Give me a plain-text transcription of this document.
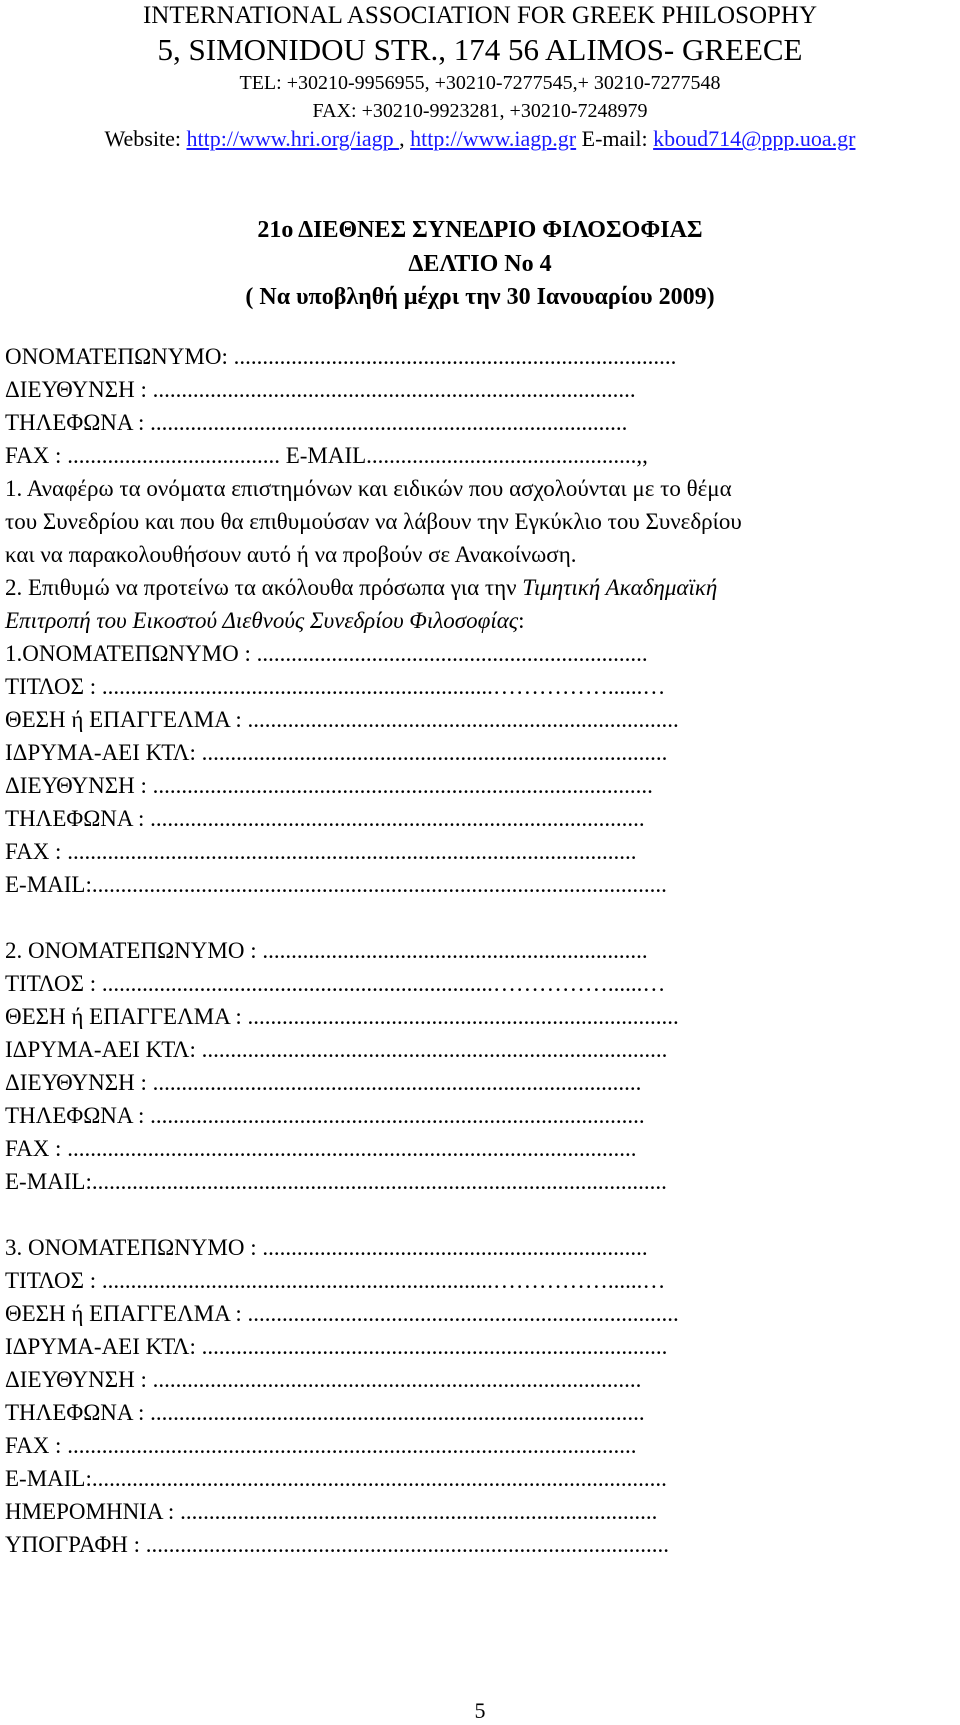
INTERNATIONAL ASSOCIATION FOR GREEK PHILOSOPHY
5, SIMONIDOU STR., 174 56 ALIMOS- GREECE
TEL: +30210-9956955, +30210-7277545,+ 30210-7277548
FAX: +30210-9923281, +30210-7248979
Website: http://www.hri.org/iagp , http://www.iagp.gr E-mail: kboud714@ppp.uoa.gr
21ο ΔΙΕΘΝΕΣ ΣΥΝΕΔΡΙΟ ΦΙΛΟΣΟΦΙΑΣ
ΔΕΛΤΙΟ Νο 4
( Να υποβληθή μέχρι την 30 Ιανουαρίου 2009)
ΟΝΟΜΑΤΕΠΩΝΥΜΟ: .............................................................................
ΔΙΕΥΘΥΝΣΗ : ....................................................................................
ΤΗΛΕΦΩΝΑ : ...................................................................................
FAX : ..................................... E-MAIL...............................................,,
1. Αναφέρω τα ονόματα επιστημόνων και ειδικών που ασχολούνται με το θέμα
του Συνεδρίου και που θα επιθυμούσαν να λάβουν την Εγκύκλιο του Συνεδρίου
και να παρακολουθήσουν αυτό ή να προβούν σε Ανακοίνωση.
2. Επιθυμώ να προτείνω τα ακόλουθα πρόσωπα για την Τιμητική Ακαδημαϊκή
Επιτροπή του Εικοστού Διεθνούς Συνεδρίου Φιλοσοφίας:
1.ΟΝΟΜΑΤΕΠΩΝΥΜΟ : ....................................................................
ΤΙΤΛΟΣ : ....................................................................……………......…
ΘΕΣΗ ή ΕΠΑΓΓΕΛΜΑ : ...........................................................................
ΙΔΡΥΜΑ-ΑΕΙ ΚΤΛ: .................................................................................
ΔΙΕΥΘΥΝΣΗ : .......................................................................................
ΤΗΛΕΦΩΝΑ : ......................................................................................
FAX : ...................................................................................................
E-MAIL:....................................................................................................
2. ΟΝΟΜΑΤΕΠΩΝΥΜΟ : ...................................................................
ΤΙΤΛΟΣ : ....................................................................……………......…
ΘΕΣΗ ή ΕΠΑΓΓΕΛΜΑ : ...........................................................................
ΙΔΡΥΜΑ-ΑΕΙ ΚΤΛ: .................................................................................
ΔΙΕΥΘΥΝΣΗ : .....................................................................................
ΤΗΛΕΦΩΝΑ : ......................................................................................
FAX : ...................................................................................................
E-MAIL:....................................................................................................
3. ΟΝΟΜΑΤΕΠΩΝΥΜΟ : ...................................................................
ΤΙΤΛΟΣ : ....................................................................……………......…
ΘΕΣΗ ή ΕΠΑΓΓΕΛΜΑ : ...........................................................................
ΙΔΡΥΜΑ-ΑΕΙ ΚΤΛ: .................................................................................
ΔΙΕΥΘΥΝΣΗ : .....................................................................................
ΤΗΛΕΦΩΝΑ : ......................................................................................
FAX : ...................................................................................................
E-MAIL:....................................................................................................
ΗΜΕΡΟΜΗΝΙΑ : ...................................................................................
ΥΠΟΓΡΑΦΗ : ...........................................................................................
5
